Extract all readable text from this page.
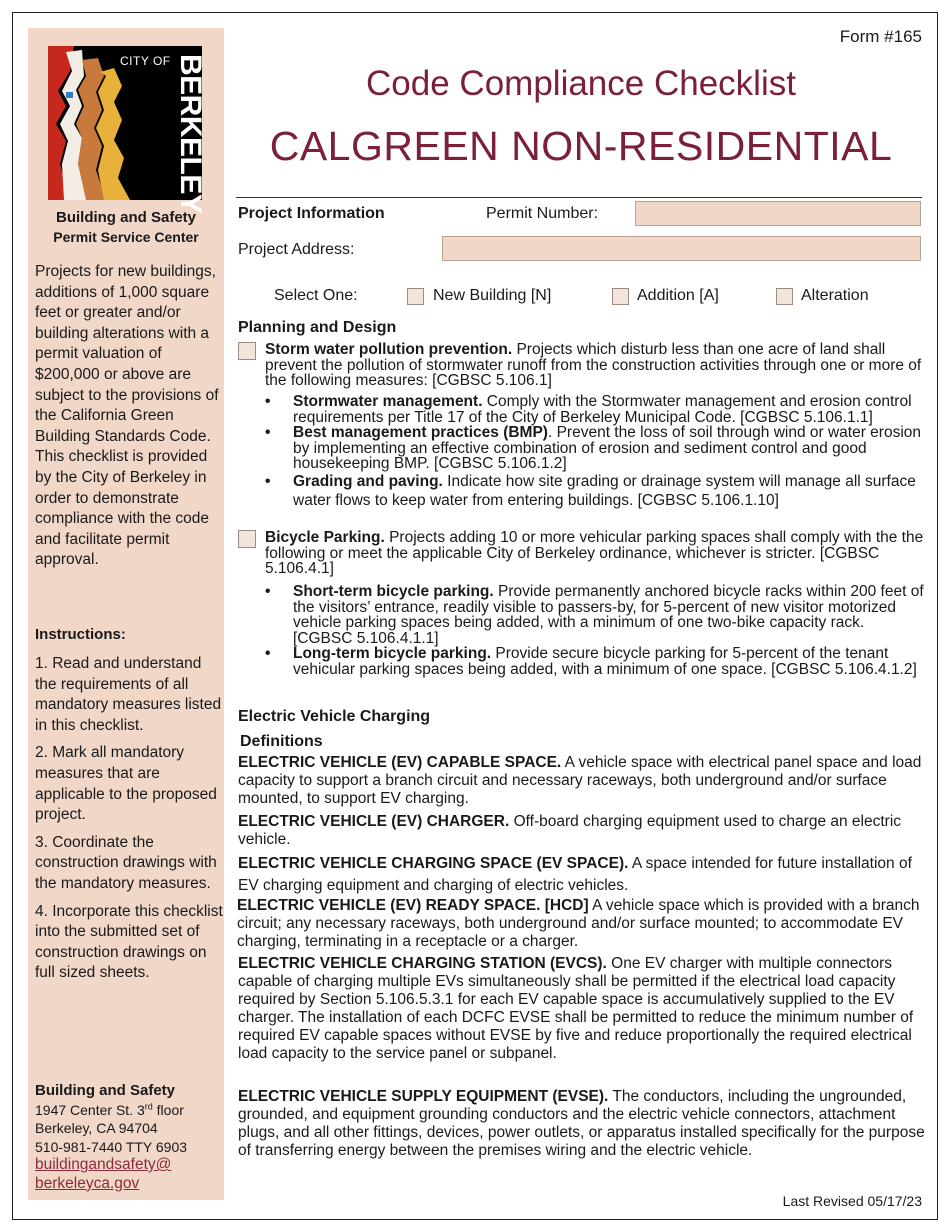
CITY OF BERKELEY
Building and Safety
Permit Service Center
Projects for new buildings, additions of 1,000 square feet or greater and/or building alterations with a permit valuation of $200,000 or above are subject to the provisions of the California Green Building Standards Code. This checklist is provided by the City of Berkeley in order to demonstrate compliance with the code and facilitate permit approval.
Instructions:

1. Read and understand the requirements of all mandatory measures listed in this checklist.

2. Mark all mandatory measures that are applicable to the proposed project.

3. Coordinate the construction drawings with the mandatory measures.

4. Incorporate this checklist into the submitted set of construction drawings on full sized sheets.

Building and Safety
1947 Center St. 3rd floor
Berkeley, CA 94704
510-981-7440 TTY 6903
buildingandsafety@
berkeleyca.gov
Form #165
Code Compliance Checklist
CALGREEN NON-RESIDENTIAL
Project Information	Permit Number:
Project Address:
Select One:	New Building [N]	Addition [A]	Alteration
Planning and Design
Storm water pollution prevention. Projects which disturb less than one acre of land shall prevent the pollution of stormwater runoff from the construction activities through one or more of the following measures: [CGBSC 5.106.1]
• Stormwater management. Comply with the Stormwater management and erosion control requirements per Title 17 of the City of Berkeley Municipal Code. [CGBSC 5.106.1.1]
• Best management practices (BMP). Prevent the loss of soil through wind or water erosion by implementing an effective combination of erosion and sediment control and good housekeeping BMP. [CGBSC 5.106.1.2]
• Grading and paving. Indicate how site grading or drainage system will manage all surface water flows to keep water from entering buildings. [CGBSC 5.106.1.10]
Bicycle Parking. Projects adding 10 or more vehicular parking spaces shall comply with the the following or meet the applicable City of Berkeley ordinance, whichever is stricter. [CGBSC 5.106.4.1]
• Short-term bicycle parking. Provide permanently anchored bicycle racks within 200 feet of the visitors’ entrance, readily visible to passers-by, for 5-percent of new visitor motorized vehicle parking spaces being added, with a minimum of one two-bike capacity rack. [CGBSC 5.106.4.1.1]
• Long-term bicycle parking. Provide secure bicycle parking for 5-percent of the tenant vehicular parking spaces being added, with a minimum of one space. [CGBSC 5.106.4.1.2]
Electric Vehicle Charging
Definitions
ELECTRIC VEHICLE (EV) CAPABLE SPACE. A vehicle space with electrical panel space and load capacity to support a branch circuit and necessary raceways, both underground and/or surface mounted, to support EV charging.
ELECTRIC VEHICLE (EV) CHARGER. Off-board charging equipment used to charge an electric vehicle.
ELECTRIC VEHICLE CHARGING SPACE (EV SPACE). A space intended for future installation of EV charging equipment and charging of electric vehicles.
ELECTRIC VEHICLE (EV) READY SPACE. [HCD] A vehicle space which is provided with a branch circuit; any necessary raceways, both underground and/or surface mounted; to accommodate EV charging, terminating in a receptacle or a charger.
ELECTRIC VEHICLE CHARGING STATION (EVCS). One EV charger with multiple connectors capable of charging multiple EVs simultaneously shall be permitted if the electrical load capacity required by Section 5.106.5.3.1 for each EV capable space is accumulatively supplied to the EV charger. The installation of each DCFC EVSE shall be permitted to reduce the minimum number of required EV capable spaces without EVSE by five and reduce proportionally the required electrical load capacity to the service panel or subpanel.
ELECTRIC VEHICLE SUPPLY EQUIPMENT (EVSE). The conductors, including the ungrounded, grounded, and equipment grounding conductors and the electric vehicle connectors, attachment plugs, and all other fittings, devices, power outlets, or apparatus installed specifically for the purpose of transferring energy between the premises wiring and the electric vehicle.
Last Revised 05/17/23
